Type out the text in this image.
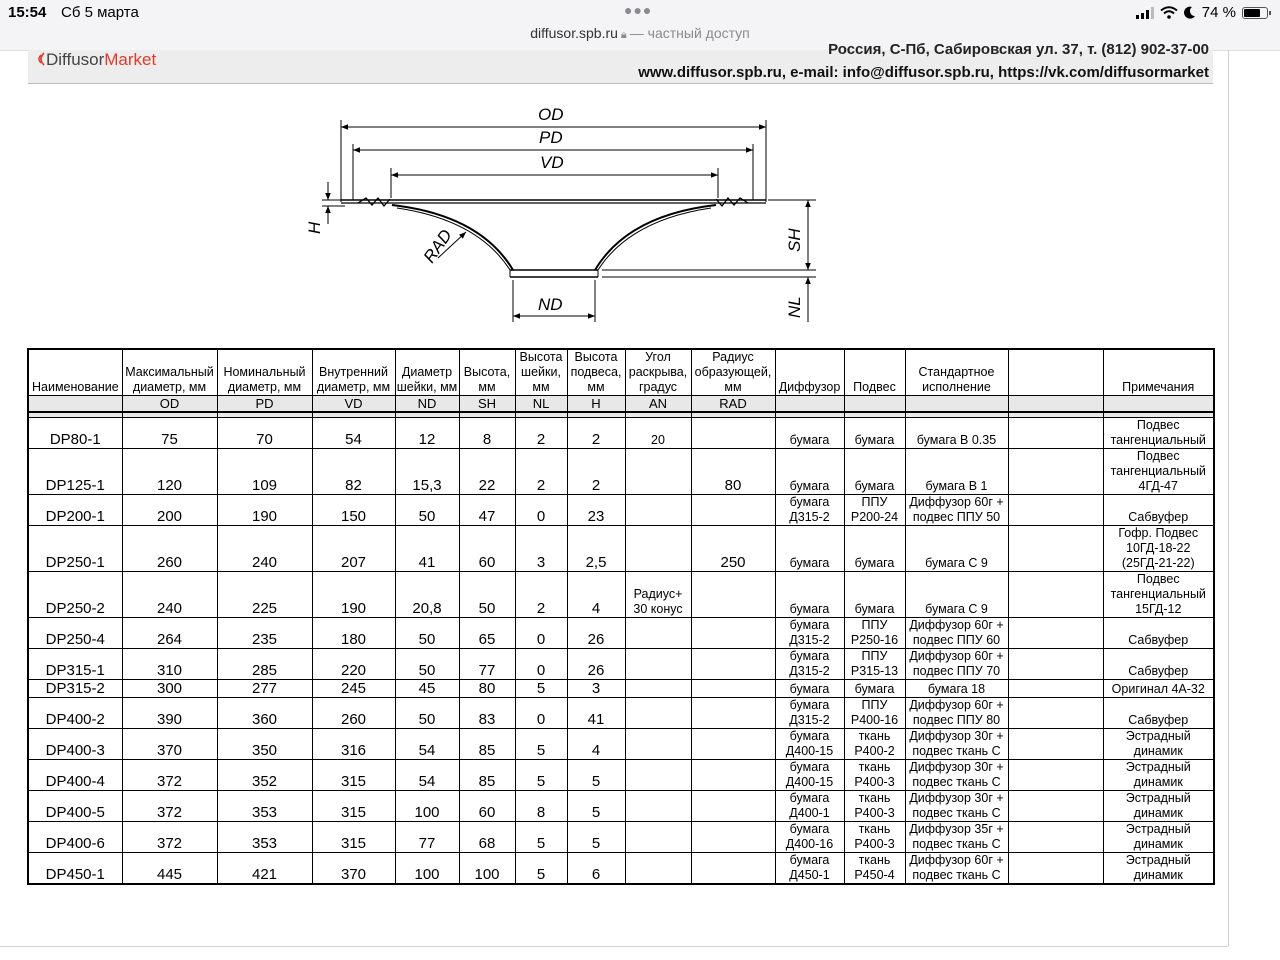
15:54 Сб 5 марта	●●●
diffusor.spb.ru 🔒︎ — частный доступ
74 %
DiffusorMarket
Россия, С-Пб, Сабировская ул. 37, т. (812) 902-37-00
www.diffusor.spb.ru, e-mail: info@diffusor.spb.ru, https://vk.com/diffusormarket
OD
PD
VD
ND
H	RAD	SH
NL
Наименование	Максимальный диаметр, мм	Номинальный диаметр, мм	Внутренний диаметр, мм	Диаметр шейки, мм	Высота, мм	Высота шейки, мм	Высота подвеса, мм	Угол раскрыва, градус	Радиус образующей, мм	Диффузор	Подвес	Стандартное исполнение		Примечания
	OD	PD	VD	ND	SH	NL	H	AN	RAD					

DP80-1	75	70	54	12	8	2	2	20		бумага	бумага	бумага В 0.35		Подвес тангенциальный
DP125-1	120	109	82	15,3	22	2	2		80	бумага	бумага	бумага В 1		Подвес тангенциальный 4ГД-47
DP200-1	200	190	150	50	47	0	23			бумага Д315-2	ППУ Р200-24	Диффузор 60г + подвес ППУ 50		Сабвуфер
DP250-1	260	240	207	41	60	3	2,5		250	бумага	бумага	бумага С 9		Гофр. Подвес 10ГД-18-22 (25ГД-21-22)
DP250-2	240	225	190	20,8	50	2	4	Радиус+ 30 конус		бумага	бумага	бумага С 9		Подвес тангенциальный 15ГД-12
DP250-4	264	235	180	50	65	0	26			бумага Д315-2	ППУ Р250-16	Диффузор 60г + подвес ППУ 60		Сабвуфер
DP315-1	310	285	220	50	77	0	26			бумага Д315-2	ППУ Р315-13	Диффузор 60г + подвес ППУ 70		Сабвуфер
DP315-2	300	277	245	45	80	5	3			бумага	бумага	бумага 18		Оригинал 4А-32
DP400-2	390	360	260	50	83	0	41			бумага Д315-2	ППУ Р400-16	Диффузор 60г + подвес ППУ 80		Сабвуфер
DP400-3	370	350	316	54	85	5	4			бумага Д400-15	ткань Р400-2	Диффузор 30г + подвес ткань С		Эстрадный динамик
DP400-4	372	352	315	54	85	5	5			бумага Д400-15	ткань Р400-3	Диффузор 30г + подвес ткань С		Эстрадный динамик
DP400-5	372	353	315	100	60	8	5			бумага Д400-1	ткань Р400-3	Диффузор 30г + подвес ткань С		Эстрадный динамик
DP400-6	372	353	315	77	68	5	5			бумага Д400-16	ткань Р400-3	Диффузор 35г + подвес ткань С		Эстрадный динамик
DP450-1	445	421	370	100	100	5	6			бумага Д450-1	ткань Р450-4	Диффузор 60г + подвес ткань С		Эстрадный динамик
